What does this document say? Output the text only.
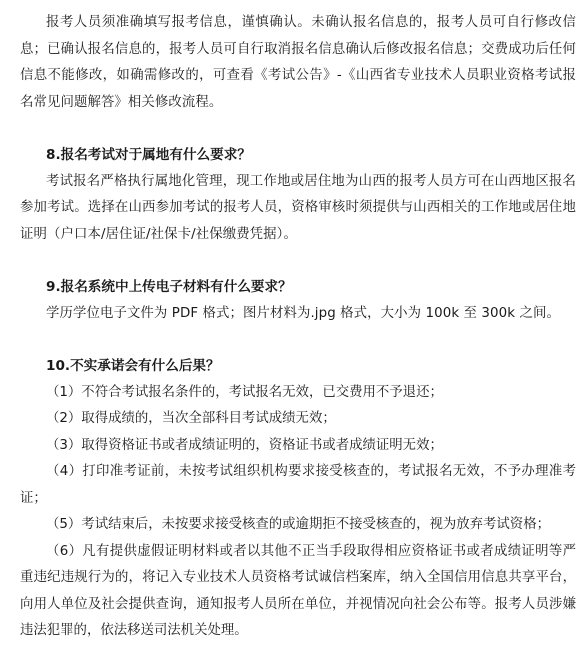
报考人员须准确填写报考信息，谨慎确认。未确认报名信息的，报考人员可自行修改信息；已确认报名信息的，报考人员可自行取消报名信息确认后修改报名信息；交费成功后任何信息不能修改，如确需修改的，可查看《考试公告》-《山西省专业技术人员职业资格考试报名常见问题解答》相关修改流程。

8.报名考试对于属地有什么要求？

考试报名严格执行属地化管理，现工作地或居住地为山西的报考人员方可在山西地区报名参加考试。选择在山西参加考试的报考人员，资格审核时须提供与山西相关的工作地或居住地证明（户口本/居住证/社保卡/社保缴费凭据）。

9.报名系统中上传电子材料有什么要求？

学历学位电子文件为 PDF 格式；图片材料为.jpg 格式，大小为 100k 至 300k 之间。

10.不实承诺会有什么后果？

（1）不符合考试报名条件的，考试报名无效，已交费用不予退还；

（2）取得成绩的，当次全部科目考试成绩无效；

（3）取得资格证书或者成绩证明的，资格证书或者成绩证明无效；

（4）打印准考证前，未按考试组织机构要求接受核查的，考试报名无效，不予办理准考证；

（5）考试结束后，未按要求接受核查的或逾期拒不接受核查的，视为放弃考试资格；

（6）凡有提供虚假证明材料或者以其他不正当手段取得相应资格证书或者成绩证明等严重违纪违规行为的，将记入专业技术人员资格考试诚信档案库，纳入全国信用信息共享平台，向用人单位及社会提供查询，通知报考人员所在单位，并视情况向社会公布等。报考人员涉嫌违法犯罪的，依法移送司法机关处理。
